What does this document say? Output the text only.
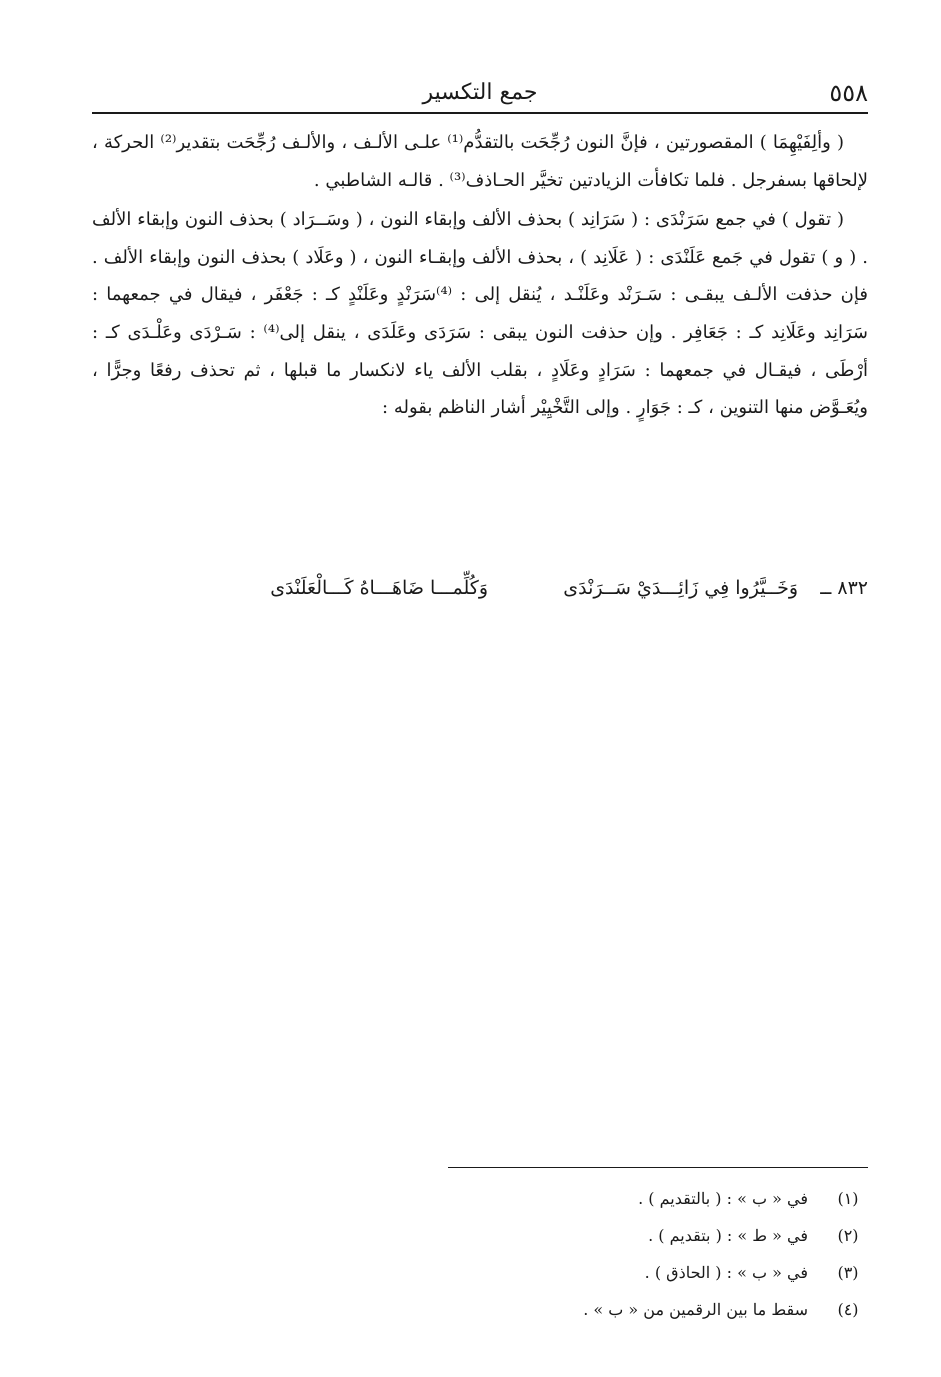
٥٥٨
جمع التكسير

( وألِفَيْهِمَا ) المقصورتين ، فإنَّ النون رُجِّحَت بالتقدُّم⁽¹⁾ علـى الألـف ، والألـف رُجِّحَت بتقدير⁽²⁾ الحركة ، لإلحاقها بسفرجل . فلما تكافأت الزيادتين تخيَّر الحـاذف⁽³⁾ . قالـه الشاطبي .

( تقول ) في جمع سَرَنْدَى : ( سَرَانِد ) بحذف الألف وإبقاء النون ، ( وسَــرَاد ) بحذف النون وإبقاء الألف . ( و ) تقول في جَمع عَلَنْدَى : ( عَلَانِد ) ، بحذف الألف وإبقـاء النون ، ( وعَلَاد ) بحذف النون وإبقاء الألف . فإن حذفت الألـف يبقـى : سَـرَنْد وعَلَنْـد ، يُنقل إلى : ⁽⁴⁾سَرَنْدٍ وعَلَنْدٍ كـ : جَعْفَر ، فيقال في جمعهما : سَرَانِد وعَلَانِد كـ : جَعَافِر . وإن حذفت النون يبقى : سَرَدَى وعَلَدَى ، ينقل إلى⁽⁴⁾ : سَـرْدَى وعَلْـدَى كـ : أرْطَى ، فيقـال في جمعهما : سَرَادٍ وعَلَادٍ ، بقلب الألف ياء لانكسار ما قبلها ، ثم تحذف رفعًا وجرًّا ، ويُعَـوَّض منها التنوين ، كـ : جَوَارٍ . وإلى التَّخْيِيْر أشار الناظم بقوله :

٨٣٢ ــ
وَخَــيَّرُوا فِي زَائِـــدَيْ سَــرَنْدَى
وَكُلِّمـــا ضَاهَـــاهُ كَـــالْعَلَنْدَى
(١)
في « ب » : ( بالتقديم ) .
(٢)
في « ط » : ( بتقديم ) .
(٣)
في « ب » : ( الحاذق ) .
(٤)
سقط ما بين الرقمين من « ب » .
